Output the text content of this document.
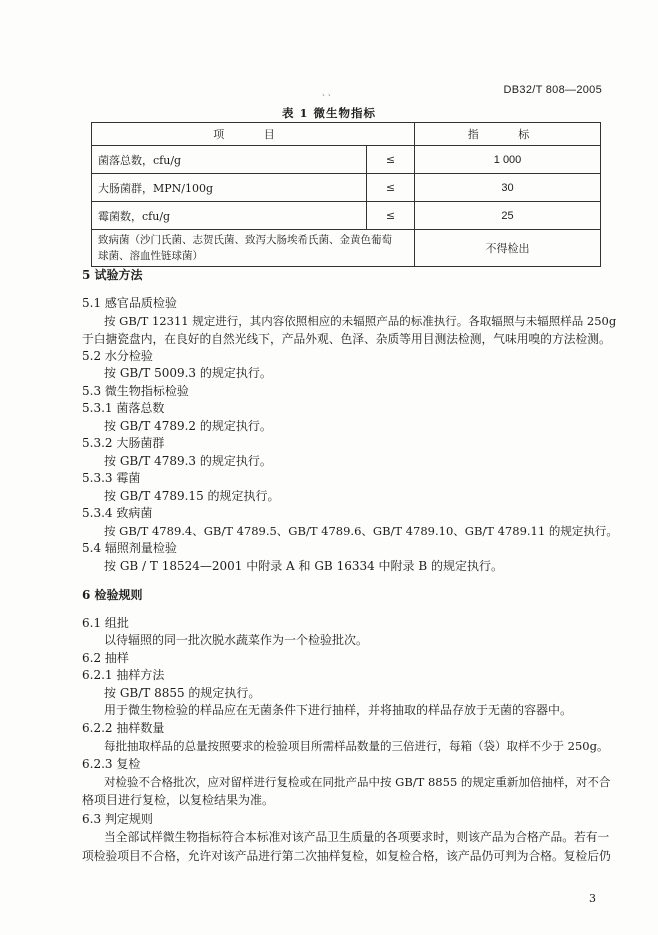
DB32/T 808—2005
ˏ ˎ
表 1 微生物指标
项 目		指 标
菌落总数，cfu/g	≤	1 000
大肠菌群，MPN/100g	≤	30
霉菌数，cfu/g	≤	25

致病菌（沙门氏菌、志贺氏菌、致泻大肠埃希氏菌、金黄色葡萄
球菌、溶血性链球菌）		不得检出
5 试验方法
5.1 感官品质检验
按 GB/T 12311 规定进行，其内容依照相应的未辐照产品的标准执行。各取辐照与未辐照样品 250g
于白搪瓷盘内，在良好的自然光线下，产品外观、色泽、杂质等用目测法检测，气味用嗅的方法检测。
5.2 水分检验
按 GB/T 5009.3 的规定执行。
5.3 微生物指标检验
5.3.1 菌落总数
按 GB/T 4789.2 的规定执行。
5.3.2 大肠菌群
按 GB/T 4789.3 的规定执行。
5.3.3 霉菌
按 GB/T 4789.15 的规定执行。
5.3.4 致病菌
按 GB/T 4789.4、GB/T 4789.5、GB/T 4789.6、GB/T 4789.10、GB/T 4789.11 的规定执行。
5.4 辐照剂量检验
按 GB / T 18524—2001 中附录 A 和 GB 16334 中附录 B 的规定执行。
6 检验规则
6.1 组批
以待辐照的同一批次脱水蔬菜作为一个检验批次。
6.2 抽样
6.2.1 抽样方法
按 GB/T 8855 的规定执行。
用于微生物检验的样品应在无菌条件下进行抽样，并将抽取的样品存放于无菌的容器中。
6.2.2 抽样数量
每批抽取样品的总量按照要求的检验项目所需样品数量的三倍进行，每箱（袋）取样不少于 250g。
6.2.3 复检
对检验不合格批次，应对留样进行复检或在同批产品中按 GB/T 8855 的规定重新加倍抽样，对不合
格项目进行复检，以复检结果为准。
6.3 判定规则
当全部试样微生物指标符合本标准对该产品卫生质量的各项要求时，则该产品为合格产品。若有一
项检验项目不合格，允许对该产品进行第二次抽样复检，如复检合格，该产品仍可判为合格。复检后仍
3
